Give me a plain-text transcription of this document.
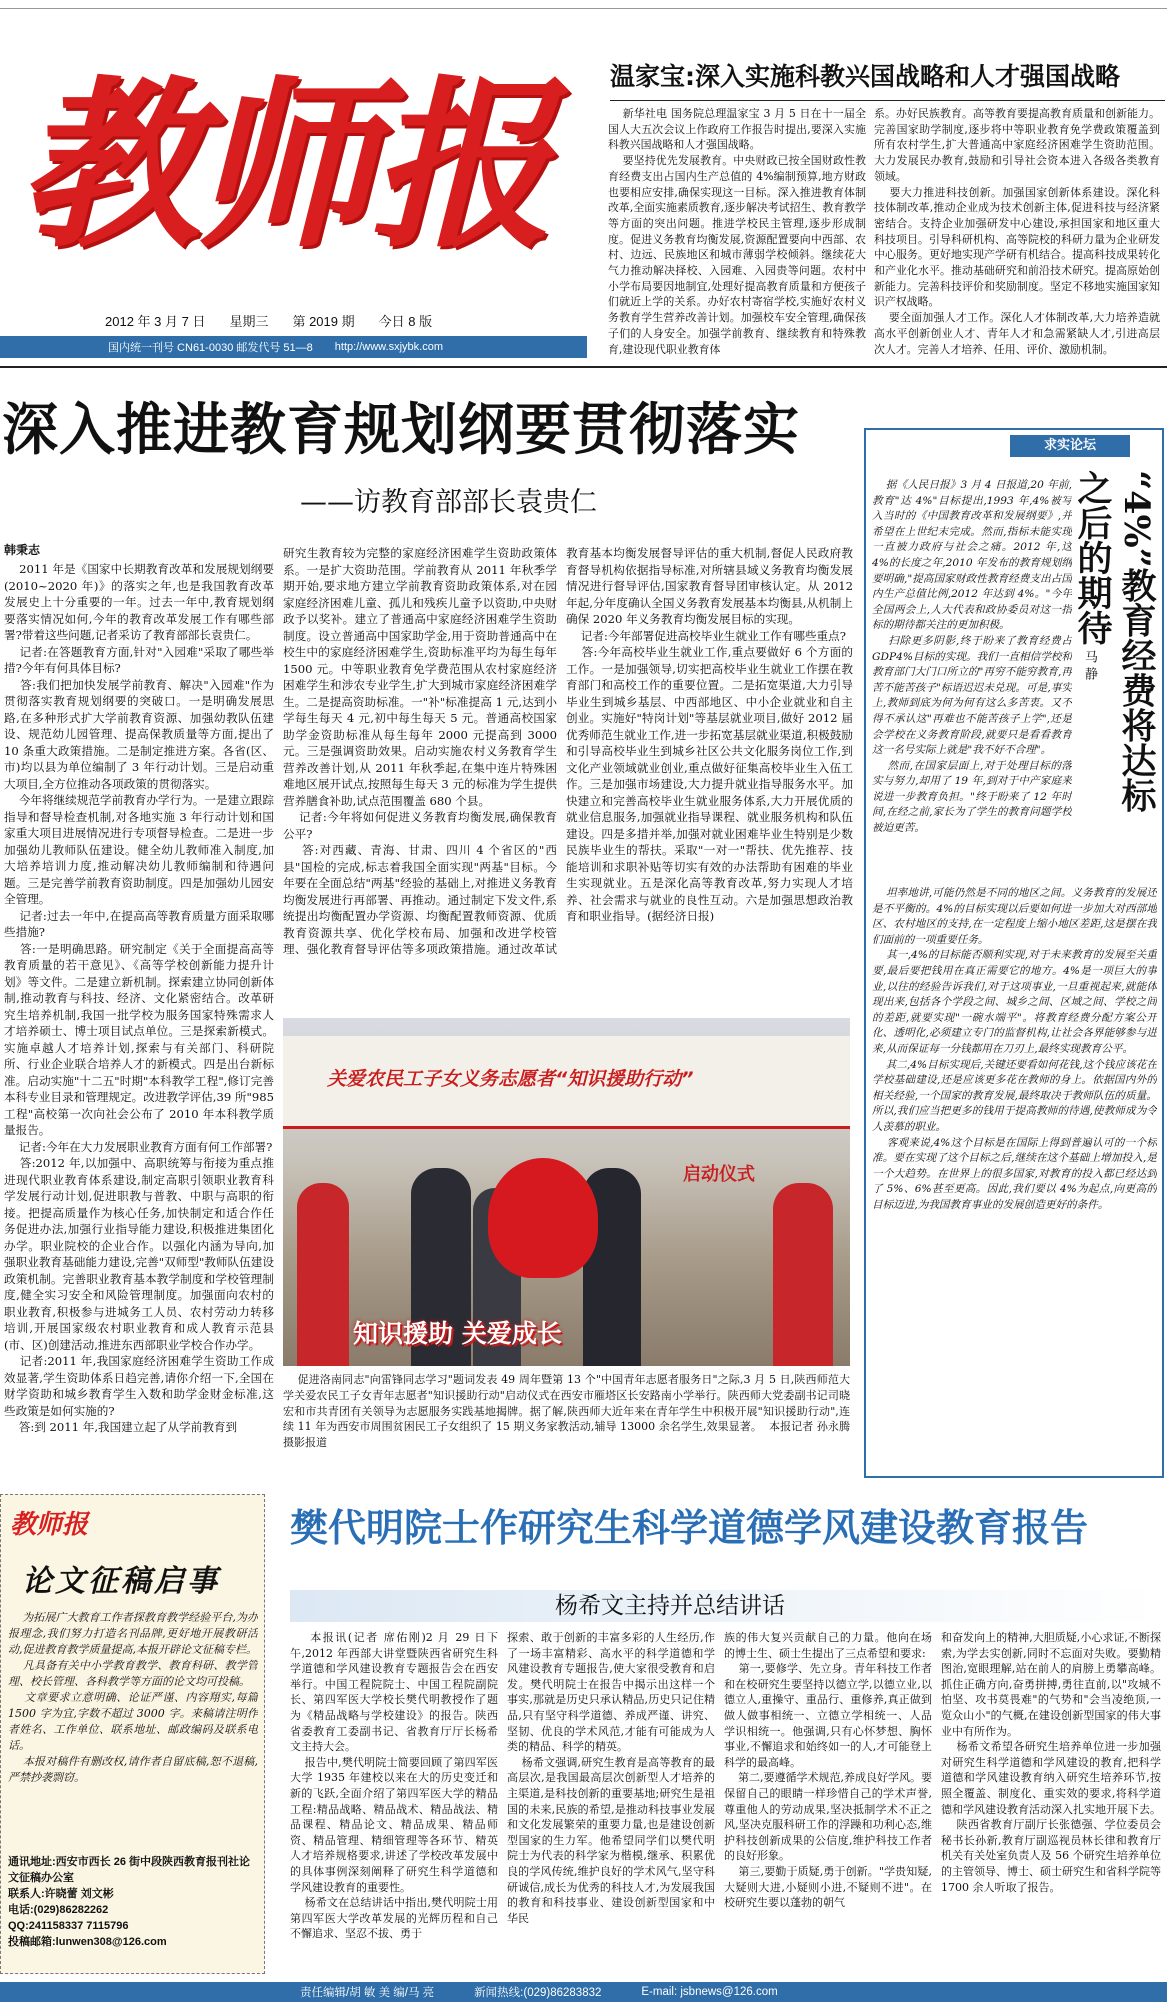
教师报
2012 年 3 月 7 日 星期三 第 2019 期 今日 8 版
国内统一刊号 CN61-0030 邮发代号 51—8 http://www.sxjybk.com
温家宝:深入实施科教兴国战略和人才强国战略
新华社电 国务院总理温家宝 3 月 5 日在十一届全国人大五次会议上作政府工作报告时提出,要深入实施科教兴国战略和人才强国战略。
要坚持优先发展教育。中央财政已按全国财政性教育经费支出占国内生产总值的 4%编制预算,地方财政也要相应安排,确保实现这一目标。深入推进教育体制改革,全面实施素质教育,逐步解决考试招生、教育教学等方面的突出问题。推进学校民主管理,逐步形成制度。促进义务教育均衡发展,资源配置要向中西部、农村、边远、民族地区和城市薄弱学校倾斜。继续花大气力推动解决择校、入园难、入园贵等问题。农村中小学布局要因地制宜,处理好提高教育质量和方便孩子们就近上学的关系。办好农村寄宿学校,实施好农村义务教育学生营养改善计划。加强校车安全管理,确保孩子们的人身安全。加强学前教育、继续教育和特殊教育,建设现代职业教育体
系。办好民族教育。高等教育要提高教育质量和创新能力。完善国家助学制度,逐步将中等职业教育免学费政策覆盖到所有农村学生,扩大普通高中家庭经济困难学生资助范围。大力发展民办教育,鼓励和引导社会资本进入各级各类教育领域。
要大力推进科技创新。加强国家创新体系建设。深化科技体制改革,推动企业成为技术创新主体,促进科技与经济紧密结合。支持企业加强研发中心建设,承担国家和地区重大科技项目。引导科研机构、高等院校的科研力量为企业研发中心服务。更好地实现产学研有机结合。提高科技成果转化和产业化水平。推动基础研究和前沿技术研究。提高原始创新能力。完善科技评价和奖励制度。坚定不移地实施国家知识产权战略。
要全面加强人才工作。深化人才体制改革,大力培养造就高水平创新创业人才、青年人才和急需紧缺人才,引进高层次人才。完善人才培养、任用、评价、激励机制。
深入推进教育规划纲要贯彻落实
——访教育部部长袁贵仁
韩秉志
2011 年是《国家中长期教育改革和发展规划纲要(2010~2020 年)》的落实之年,也是我国教育改革发展史上十分重要的一年。过去一年中,教育规划纲要落实情况如何,今年的教育改革发展工作有哪些部署?带着这些问题,记者采访了教育部部长袁贵仁。
记者:在答题教育方面,针对"入园难"采取了哪些举措?今年有何具体目标?
答:我们把加快发展学前教育、解决"入园难"作为贯彻落实教育规划纲要的突破口。一是明确发展思路,在多种形式扩大学前教育资源、加强幼教队伍建设、规范幼儿园管理、提高保教质量等方面,提出了 10 条重大政策措施。二是制定推进方案。各省(区、市)均以县为单位编制了 3 年行动计划。三是启动重大项目,全方位推动各项政策的贯彻落实。
今年将继续规范学前教育办学行为。一是建立跟踪指导和督导检查机制,对各地实施 3 年行动计划和国家重大项目进展情况进行专项督导检查。二是进一步加强幼儿教师队伍建设。健全幼儿教师准入制度,加大培养培训力度,推动解决幼儿教师编制和待遇问题。三是完善学前教育资助制度。四是加强幼儿园安全管理。
记者:过去一年中,在提高高等教育质量方面采取哪些措施?
答:一是明确思路。研究制定《关于全面提高高等教育质量的若干意见》、《高等学校创新能力提升计划》等文件。二是建立新机制。探索建立协同创新体制,推动教育与科技、经济、文化紧密结合。改革研究生培养机制,我国一批学校为服务国家特殊需求人才培养硕士、博士项目试点单位。三是探索新模式。实施卓越人才培养计划,探索与有关部门、科研院所、行业企业联合培养人才的新模式。四是出台新标准。启动实施"十二五"时期"本科教学工程",修订完善本科专业目录和管理规定。改进教学评估,39 所"985 工程"高校第一次向社会公布了 2010 年本科教学质量报告。
记者:今年在大力发展职业教育方面有何工作部署?
答:2012 年,以加强中、高职统筹与衔接为重点推进现代职业教育体系建设,制定高职引领职业教育科学发展行动计划,促进职教与普教、中职与高职的衔接。把提高质量作为核心任务,加快制定和适合作任务促进办法,加强行业指导能力建设,积极推进集团化办学。职业院校的企业合作。以强化内涵为导向,加强职业教育基础能力建设,完善"双师型"教师队伍建设政策机制。完善职业教育基本教学制度和学校管理制度,健全实习安全和风险管理制度。加强面向农村的职业教育,积极参与进城务工人员、农村劳动力转移培训,开展国家级农村职业教育和成人教育示范县(市、区)创建活动,推进东西部职业学校合作办学。
记者:2011 年,我国家庭经济困难学生资助工作成效显著,学生资助体系日趋完善,请你介绍一下,全国在财学资助和城乡教育学生入数和助学金财金标准,这些政策是如何实施的?
答:到 2011 年,我国建立起了从学前教育到
研究生教育较为完整的家庭经济困难学生资助政策体系。一是扩大资助范围。学前教育从 2011 年秋季学期开始,要求地方建立学前教育资助政策体系,对在园家庭经济困难儿童、孤儿和残疾儿童予以资助,中央财政予以奖补。建立了普通高中家庭经济困难学生资助制度。设立普通高中国家助学金,用于资助普通高中在校生中的家庭经济困难学生,资助标准平均为每生每年 1500 元。中等职业教育免学费范围从农村家庭经济困难学生和涉农专业学生,扩大到城市家庭经济困难学生。二是提高资助标准。一"补"标准提高 1 元,达到小学每生每天 4 元,初中每生每天 5 元。普通高校国家助学金资助标准从每生每年 2000 元提高到 3000 元。三是强调资助效果。启动实施农村义务教育学生营养改善计划,从 2011 年秋季起,在集中连片特殊困难地区展开试点,按照每生每天 3 元的标准为学生提供营养膳食补助,试点范围覆盖 680 个县。
记者:今年将如何促进义务教育均衡发展,确保教育公平?
答:对西藏、青海、甘肃、四川 4 个省区的"西县"国检的完成,标志着我国全面实现"两基"目标。今年要在全面总结"两基"经验的基础上,对推进义务教育均衡发展进行再部署、再推动。通过制定下发文件,系统提出均衡配置办学资源、均衡配置教师资源、优质教育资源共享、优化学校布局、加强和改进学校管理、强化教育督导评估等多项政策措施。通过改革试
教育基本均衡发展督导评估的重大机制,督促人民政府教育督导机构依据指导标准,对所辖县域义务教育均衡发展情况进行督导评估,国家教育督导团审核认定。从 2012 年起,分年度确认全国义务教育发展基本均衡县,从机制上确保 2020 年义务教育均衡发展目标的实现。
记者:今年部署促进高校毕业生就业工作有哪些重点?
答:今年高校毕业生就业工作,重点要做好 6 个方面的工作。一是加强领导,切实把高校毕业生就业工作摆在教育部门和高校工作的重要位置。二是拓宽渠道,大力引导毕业生到城乡基层、中西部地区、中小企业就业和自主创业。实施好"特岗计划"等基层就业项目,做好 2012 届优秀师范生就业工作,进一步拓宽基层就业渠道,积极鼓励和引导高校毕业生到城乡社区公共文化服务岗位工作,到文化产业领域就业创业,重点做好征集高校毕业生入伍工作。三是加强市场建设,大力提升就业指导服务水平。加快建立和完善高校毕业生就业服务体系,大力开展优质的就业信息服务,加强就业指导课程、就业服务机构和队伍建设。四是多措并举,加强对就业困难毕业生特别是少数民族毕业生的帮扶。采取"一对一"帮扶、优先推荐、技能培训和求职补贴等切实有效的办法帮助有困难的毕业生实现就业。五是深化高等教育改革,努力实现人才培养、社会需求与就业的良性互动。六是加强思想政治教育和职业指导。(据经济日报)
关爱农民工子女义务志愿者“知识援助行动”
启动仪式
知识援助 关爱成长
促进洛南同志"向雷锋同志学习"题词发表 49 周年暨第 13 个"中国青年志愿者服务日"之际,3 月 5 日,陕西师范大学关爱农民工子女青年志愿者"知识援助行动"启动仪式在西安市雁塔区长安路南小学举行。陕西师大党委副书记司晓宏和市共青团有关领导为志愿服务实践基地揭牌。据了解,陕西师大近年来在青年学生中积极开展"知识援助行动",连续 11 年为西安市周围贫困民工子女组织了 15 期义务家教活动,辅导 13000 余名学生,效果显著。  本报记者 孙永腾 摄影报道
求实论坛
“4%”教育经费将达标之后的期待
马 静
据《人民日报》3 月 4 日报道,20 年前,教育"达 4%"目标提出,1993 年,4%被写入当时的《中国教育改革和发展纲要》,并希望在上世纪末完成。然而,指标未能实现一直被力政府与社会之痛。2012 年,这 4%的长度之年,2010 年发布的教育规划纲要明确,"提高国家财政性教育经费支出占国内生产总值比例,2012 年达到 4%。"今年全国两会上,人大代表和政协委员对这一指标的期待都关注的更加积极。
扫除更多阴影,终于盼来了教育经费占 GDP4%目标的实现。我们一直相信学校和教育部门大门口所立的"再穷不能穷教育,再苦不能苦孩子"标语迟迟未兑现。可是,事实上,教师到底为何为何有这么多苦衷。又不得不承认这"再难也不能苦孩子上学",还是会学校在义务教育阶段,就要只是看看教育这一名号实际上就是"我不好不合理"。
然而,在国家层面上,对于处理目标的落实与努力,却用了 19 年,到对于中产家庭来说进一步教育负担。"终于盼来了 12 年时间,在经之前,家长为了学生的教育问题学校被迫更苦。
坦率地讲,可能仍然是不同的地区之间。义务教育的发展还是不平衡的。4%的目标实现以后要如何进一步加大对西部地区、农村地区的支持,在一定程度上缩小地区差距,这是摆在我们面前的一项重要任务。
其一,4%的目标能否顺利实现,对于未来教育的发展至关重要,最后要把钱用在真正需要它的地方。4%是一项巨大的事业,以往的经验告诉我们,对于这项事业,一旦重视起来,就能体现出来,包括各个学段之间、城乡之间、区域之间、学校之间的差距,就要实现"一碗水端平"。将教育经费分配方案公开化、透明化,必须建立专门的监督机构,让社会各界能够参与进来,从而保证每一分钱都用在刀刃上,最终实现教育公平。
其二,4%目标实现后,关键还要看如何花钱,这个钱应该花在学校基础建设,还是应该更多花在教师的身上。依据国内外的相关经验,一个国家的教育发展,最终取决于教师队伍的质量。所以,我们应当把更多的钱用于提高教师的待遇,使教师成为令人羡慕的职业。
客观来说,4%这个目标是在国际上得到普遍认可的一个标准。要在实现了这个目标之后,继续在这个基础上增加投入,是一个大趋势。在世界上的很多国家,对教育的投入都已经达到了 5%、6%甚至更高。因此,我们要以 4%为起点,向更高的目标迈进,为我国教育事业的发展创造更好的条件。
教师报
论文征稿启事
为拓展广大教育工作者探教育教学经验平台,为办报理念,我们努力打造名刊品牌,更好地开展教研活动,促进教育教学质量提高,本报开辟论文征稿专栏。
凡具备有关中小学教育教学、教育科研、教学管理、校长管理、各科教学等方面的论文均可投稿。
文章要求立意明确、论证严谨、内容翔实,每篇 1500 字为宜,字数不超过 3000 字。来稿请注明作者姓名、工作单位、联系地址、邮政编码及联系电话。
本报对稿件有删改权,请作者自留底稿,恕不退稿,严禁抄袭剽窃。
通讯地址:西安市西长 26 街中段陕西教育报刊社论文征稿办公室
联系人:许晓蕾 刘文彬
电话:(029)86282262
QQ:241158337 7115796
投稿邮箱:lunwen308@126.com
樊代明院士作研究生科学道德学风建设教育报告
杨希文主持并总结讲话
本报讯(记者 席佑刚)2 月 29 日下午,2012 年西部大讲堂暨陕西省研究生科学道德和学风建设教育专题报告会在西安举行。中国工程院院士、中国工程院副院长、第四军医大学校长樊代明教授作了题为《精品战略与学校建设》的报告。陕西省委教育工委副书记、省教育厅厅长杨希文主持大会。
报告中,樊代明院士简要回顾了第四军医大学 1935 年建校以来在大的历史变迁和新的飞跃,全面介绍了第四军医大学的精品工程:精品战略、精品战术、精品战法、精品课程、精品论文、精品成果、精品师资、精品管理、精细管理等各环节、精英人才培养规格要求,讲述了学校改革发展中的具体事例深刻阐释了研究生科学道德和学风建设教育的重要性。
杨希文在总结讲话中指出,樊代明院士用第四军医大学改革发展的光辉历程和自己不懈追求、坚忍不拔、勇于
探索、敢于创新的丰富多彩的人生经历,作了一场丰富精彩、高水平的科学道德和学风建设教育专题报告,使大家很受教育和启发。樊代明院士在报告中揭示出这样一个事实,那就是历史只承认精品,历史只记住精品,只有坚守科学道德、养成严谨、讲究、坚韧、优良的学术风范,才能有可能成为人类的精品、科学的精英。
杨希文强调,研究生教育是高等教育的最高层次,是我国最高层次创新型人才培养的主渠道,是科技创新的重要基地;研究生是祖国的未来,民族的希望,是推动科技事业发展和文化发展繁荣的重要力量,也是建设创新型国家的生力军。他希望同学们以樊代明院士为代表的科学家为楷模,继承、积累优良的学风传统,维护良好的学术风气,坚守科研诚信,成长为优秀的科技人才,为发展我国的教育和科技事业、建设创新型国家和中华民
族的伟大复兴贡献自己的力量。他向在场的博士生、硕士生提出了三点希望和要求:
第一,要修学、先立身。青年科技工作者和在校研究生要坚持以德立学,以德立业,以德立人,重操守、重品行、重修养,真正做到做人做事相统一、立德立学相统一、人品学识相统一。他强调,只有心怀梦想、胸怀事业,不懈追求和始终如一的人,才可能登上科学的最高峰。
第二,要遵循学术规范,养成良好学风。要保留自己的眼睛一样珍惜自己的学术声誉,尊重他人的劳动成果,坚决抵制学术不正之风,坚决克服科研工作的浮躁和功利心态,维护科技创新成果的公信度,维护科技工作者的良好形象。
第三,要勤于质疑,勇于创新。"学贵知疑,大疑则大进,小疑则小进,不疑则不进"。在校研究生要以蓬勃的朝气
和奋发向上的精神,大胆质疑,小心求证,不断探索,为学去实创新,同时不忘面对失败。要勤精图治,宽眼理解,站在前人的肩膀上勇攀高峰。抓住正确方向,奋勇拼搏,勇往直前,以"攻城不怕坚、攻书莫畏难"的气势和"会当凌绝顶,一览众山小"的气概,在建设创新型国家的伟大事业中有所作为。
杨希文希望各研究生培养单位进一步加强对研究生科学道德和学风建设的教育,把科学道德和学风建设教育纳入研究生培养环节,按照全覆盖、制度化、重实效的要求,将科学道德和学风建设教育活动深入扎实地开展下去。
陕西省教育厅副厅长张德强、学位委员会秘书长孙新,教育厅副巡视员林长律和教育厅机关有关处室负责人及 56 个研究生培养单位的主管领导、博士、硕士研究生和省科学院等 1700 余人听取了报告。
责任编辑/胡 敏 美 编/马 亮	新闻热线:(029)86283832	E-mail: jsbnews@126.com
